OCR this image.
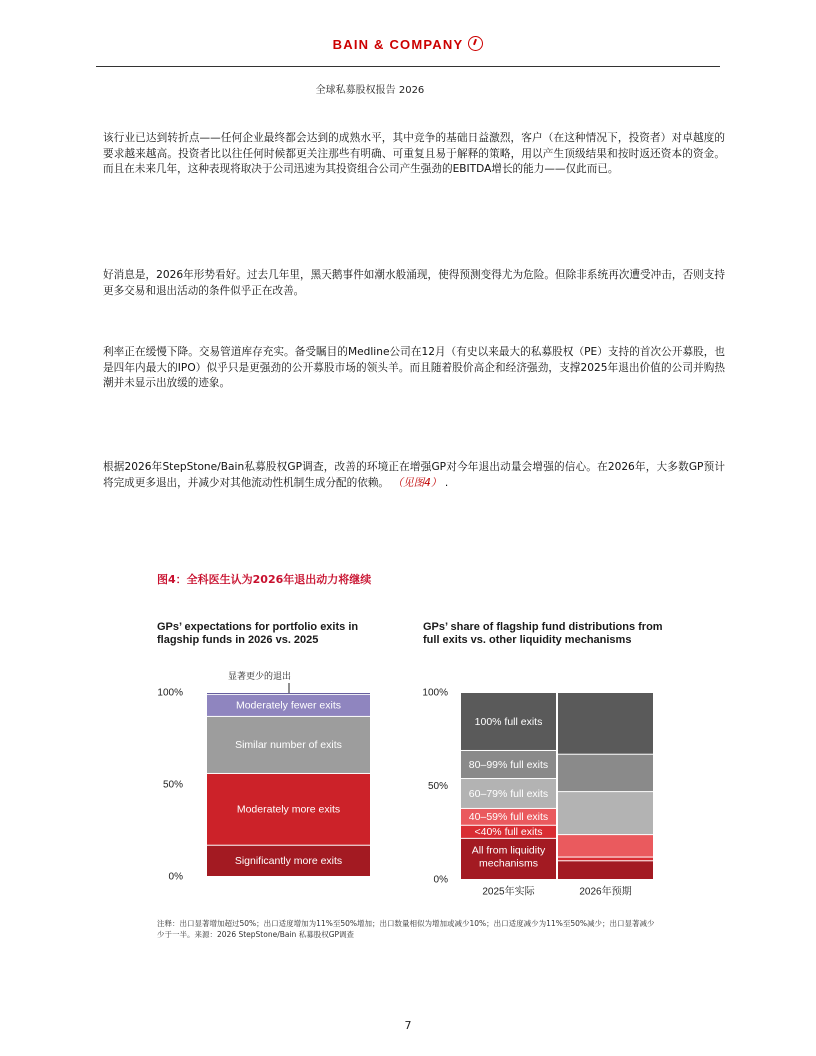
BAIN & COMPANY
全球私募股权报告 2026
该行业已达到转折点——任何企业最终都会达到的成熟水平，其中竞争的基础日益激烈，客户（在这种情况下，投资者）对卓越度的要求越来越高。投资者比以往任何时候都更关注那些有明确、可重复且易于解释的策略，用以产生顶级结果和按时返还资本的资金。而且在未来几年，这种表现将取决于公司迅速为其投资组合公司产生强劲的EBITDA增长的能力——仅此而已。
好消息是，2026年形势看好。过去几年里，黑天鹅事件如潮水般涌现，使得预测变得尤为危险。但除非系统再次遭受冲击，否则支持更多交易和退出活动的条件似乎正在改善。
利率正在缓慢下降。交易管道库存充实。备受瞩目的Medline公司在12月（有史以来最大的私募股权（PE）支持的首次公开募股，也是四年内最大的IPO）似乎只是更强劲的公开募股市场的领头羊。而且随着股价高企和经济强劲，支撑2025年退出价值的公司并购热潮并未显示出放缓的迹象。
根据2026年StepStone/Bain私募股权GP调查，改善的环境正在增强GP对今年退出动量会增强的信心。在2026年，大多数GP预计将完成更多退出，并减少对其他流动性机制生成分配的依赖。 （见图4） .
图4：全科医生认为2026年退出动力将继续
GPs’ expectations for portfolio exits in flagship funds in 2026 vs. 2025
0%
50%
100%
Significantly more exits
Moderately more exits
Similar number of exits
Moderately fewer exits
显著更少的退出
GPs’ share of flagship fund distributions from full exits vs. other liquidity mechanisms
0%
50%
100%
<40% full exits
40–59% full exits
60–79% full exits
80–99% full exits
100% full exits
2025年实际	2026年预期
All from liquidity mechanisms
注释：出口显著增加超过50%；出口适度增加为11%至50%增加；出口数量相似为增加或减少10%；出口适度减少为11%至50%减少；出口显著减少少于一半。来源：2026 StepStone/Bain 私募股权GP调查
7
